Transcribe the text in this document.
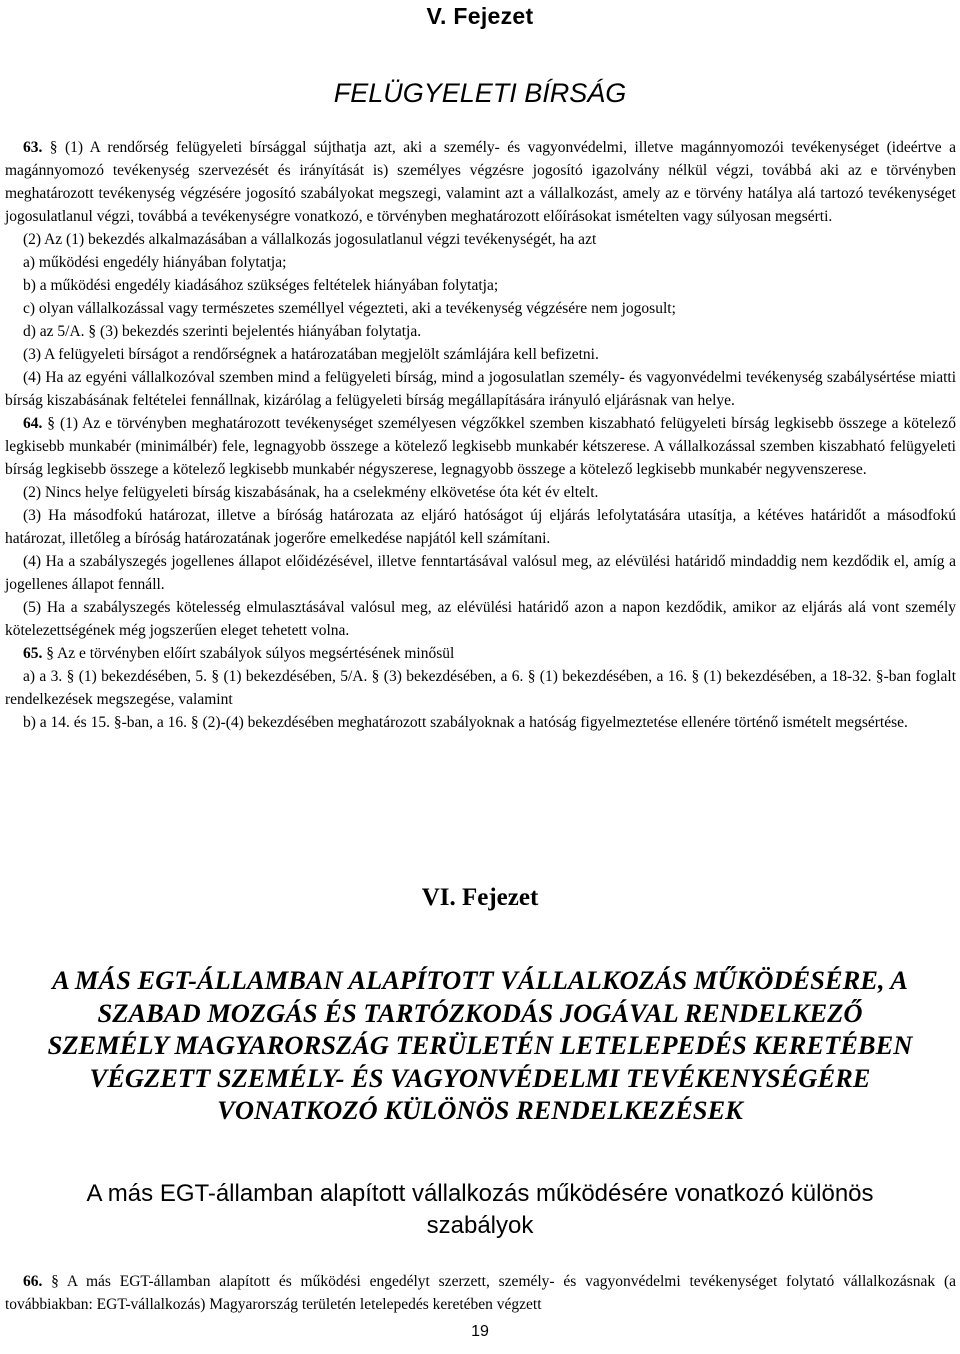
V. Fejezet
FELÜGYELETI BÍRSÁG

63. § (1) A rendőrség felügyeleti bírsággal sújthatja azt, aki a személy- és vagyonvédelmi, illetve magánnyomozói tevékenységet (ideértve a magánnyomozó tevékenység szervezését és irányítását is) személyes végzésre jogosító igazolvány nélkül végzi, továbbá aki az e törvényben meghatározott tevékenység végzésére jogosító szabályokat megszegi, valamint azt a vállalkozást, amely az e törvény hatálya alá tartozó tevékenységet jogosulatlanul végzi, továbbá a tevékenységre vonatkozó, e törvényben meghatározott előírásokat ismételten vagy súlyosan megsérti.

(2) Az (1) bekezdés alkalmazásában a vállalkozás jogosulatlanul végzi tevékenységét, ha azt

a) működési engedély hiányában folytatja;

b) a működési engedély kiadásához szükséges feltételek hiányában folytatja;

c) olyan vállalkozással vagy természetes személlyel végezteti, aki a tevékenység végzésére nem jogosult;

d) az 5/A. § (3) bekezdés szerinti bejelentés hiányában folytatja.

(3) A felügyeleti bírságot a rendőrségnek a határozatában megjelölt számlájára kell befizetni.

(4) Ha az egyéni vállalkozóval szemben mind a felügyeleti bírság, mind a jogosulatlan személy- és vagyonvédelmi tevékenység szabálysértése miatti bírság kiszabásának feltételei fennállnak, kizárólag a felügyeleti bírság megállapítására irányuló eljárásnak van helye.

64. § (1) Az e törvényben meghatározott tevékenységet személyesen végzőkkel szemben kiszabható felügyeleti bírság legkisebb összege a kötelező legkisebb munkabér (minimálbér) fele, legnagyobb összege a kötelező legkisebb munkabér kétszerese. A vállalkozással szemben kiszabható felügyeleti bírság legkisebb összege a kötelező legkisebb munkabér négyszerese, legnagyobb összege a kötelező legkisebb munkabér negyvenszerese.

(2) Nincs helye felügyeleti bírság kiszabásának, ha a cselekmény elkövetése óta két év eltelt.

(3) Ha másodfokú határozat, illetve a bíróság határozata az eljáró hatóságot új eljárás lefolytatására utasítja, a kétéves határidőt a másodfokú határozat, illetőleg a bíróság határozatának jogerőre emelkedése napjától kell számítani.

(4) Ha a szabályszegés jogellenes állapot előidézésével, illetve fenntartásával valósul meg, az elévülési határidő mindaddig nem kezdődik el, amíg a jogellenes állapot fennáll.

(5) Ha a szabályszegés kötelesség elmulasztásával valósul meg, az elévülési határidő azon a napon kezdődik, amikor az eljárás alá vont személy kötelezettségének még jogszerűen eleget tehetett volna.

65. § Az e törvényben előírt szabályok súlyos megsértésének minősül

a) a 3. § (1) bekezdésében, 5. § (1) bekezdésében, 5/A. § (3) bekezdésében, a 6. § (1) bekezdésében, a 16. § (1) bekezdésében, a 18-32. §-ban foglalt rendelkezések megszegése, valamint

b) a 14. és 15. §-ban, a 16. § (2)-(4) bekezdésében meghatározott szabályoknak a hatóság figyelmeztetése ellenére történő ismételt megsértése.

VI. Fejezet
A MÁS EGT-ÁLLAMBAN ALAPÍTOTT VÁLLALKOZÁS MŰKÖDÉSÉRE, A
SZABAD MOZGÁS ÉS TARTÓZKODÁS JOGÁVAL RENDELKEZŐ
SZEMÉLY MAGYARORSZÁG TERÜLETÉN LETELEPEDÉS KERETÉBEN
VÉGZETT SZEMÉLY- ÉS VAGYONVÉDELMI TEVÉKENYSÉGÉRE
VONATKOZÓ KÜLÖNÖS RENDELKEZÉSEK
A más EGT-államban alapított vállalkozás működésére vonatkozó különös
szabályok

66. § A más EGT-államban alapított és működési engedélyt szerzett, személy- és vagyonvédelmi tevékenységet folytató vállalkozásnak (a továbbiakban: EGT-vállalkozás) Magyarország területén letelepedés keretében végzett

19
